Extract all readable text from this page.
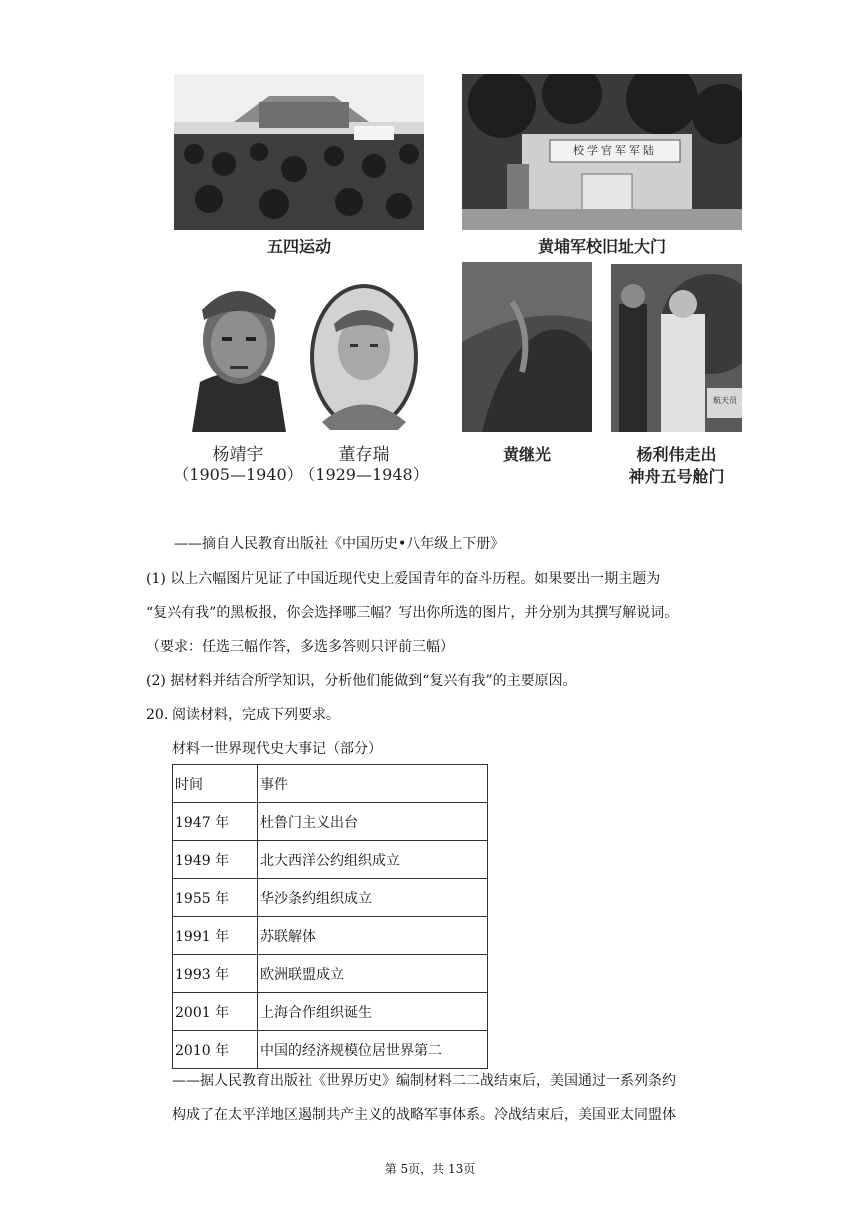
五四运动
校学官军军陆
黄埔军校旧址大门
杨靖宇
（1905—1940）
董存瑞
（1929—1948）
黄继光
航天员
杨利伟走出
神舟五号舱门
——摘自人民教育出版社《中国历史•八年级上下册》
(1) 以上六幅图片见证了中国近现代史上爱国青年的奋斗历程。如果要出一期主题为
“复兴有我”的黑板报，你会选择哪三幅？写出你所选的图片，并分别为其撰写解说词。
（要求：任选三幅作答，多选多答则只评前三幅）
(2) 据材料并结合所学知识，分析他们能做到“复兴有我”的主要原因。
20. 阅读材料，完成下列要求。
材料一世界现代史大事记（部分）
时间	事件
1947 年	杜鲁门主义出台
1949 年	北大西洋公约组织成立
1955 年	华沙条约组织成立
1991 年	苏联解体
1993 年	欧洲联盟成立
2001 年	上海合作组织诞生
2010 年	中国的经济规模位居世界第二
——据人民教育出版社《世界历史》编制材料二二战结束后，美国通过一系列条约
构成了在太平洋地区遏制共产主义的战略军事体系。冷战结束后，美国亚太同盟体
第 5页，共 13页
